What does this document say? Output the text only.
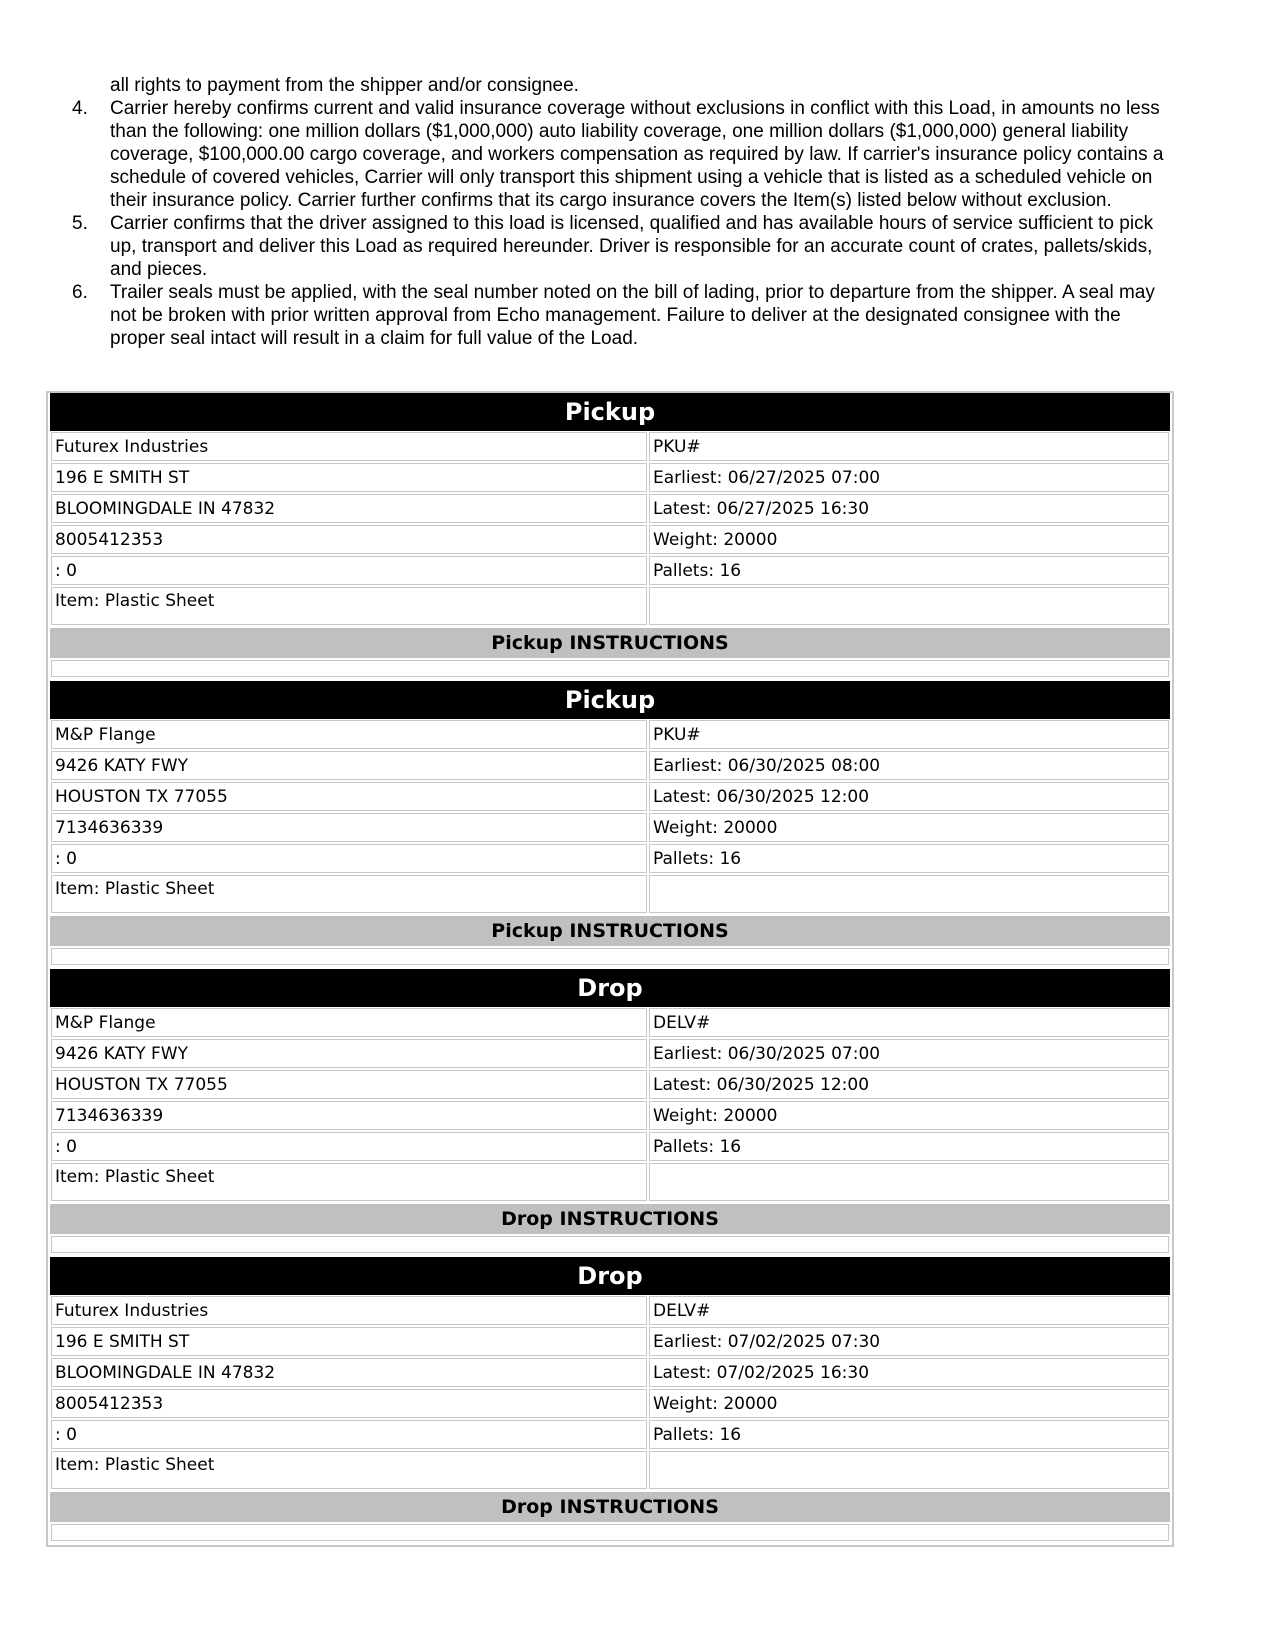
all rights to payment from the shipper and/or consignee.
4.	Carrier hereby confirms current and valid insurance coverage without exclusions in conflict with this Load, in amounts no less than the following: one million dollars ($1,000,000) auto liability coverage, one million dollars ($1,000,000) general liability coverage, $100,000.00 cargo coverage, and workers compensation as required by law. If carrier's insurance policy contains a schedule of covered vehicles, Carrier will only transport this shipment using a vehicle that is listed as a scheduled vehicle on their insurance policy. Carrier further confirms that its cargo insurance covers the Item(s) listed below without exclusion.
5.	Carrier confirms that the driver assigned to this load is licensed, qualified and has available hours of service sufficient to pick up, transport and deliver this Load as required hereunder. Driver is responsible for an accurate count of crates, pallets/skids, and pieces.
6.	Trailer seals must be applied, with the seal number noted on the bill of lading, prior to departure from the shipper. A seal may not be broken with prior written approval from Echo management. Failure to deliver at the designated consignee with the proper seal intact will result in a claim for full value of the Load.
Pickup
Futurex Industries	PKU#
196 E SMITH ST	Earliest: 06/27/2025 07:00
BLOOMINGDALE IN 47832	Latest: 06/27/2025 16:30
8005412353	Weight: 20000
: 0	Pallets: 16
Item: Plastic Sheet
Pickup INSTRUCTIONS
Pickup
M&P Flange	PKU#
9426 KATY FWY	Earliest: 06/30/2025 08:00
HOUSTON TX 77055	Latest: 06/30/2025 12:00
7134636339	Weight: 20000
: 0	Pallets: 16
Item: Plastic Sheet
Pickup INSTRUCTIONS
Drop
M&P Flange	DELV#
9426 KATY FWY	Earliest: 06/30/2025 07:00
HOUSTON TX 77055	Latest: 06/30/2025 12:00
7134636339	Weight: 20000
: 0	Pallets: 16
Item: Plastic Sheet
Drop INSTRUCTIONS
Drop
Futurex Industries	DELV#
196 E SMITH ST	Earliest: 07/02/2025 07:30
BLOOMINGDALE IN 47832	Latest: 07/02/2025 16:30
8005412353	Weight: 20000
: 0	Pallets: 16
Item: Plastic Sheet
Drop INSTRUCTIONS
